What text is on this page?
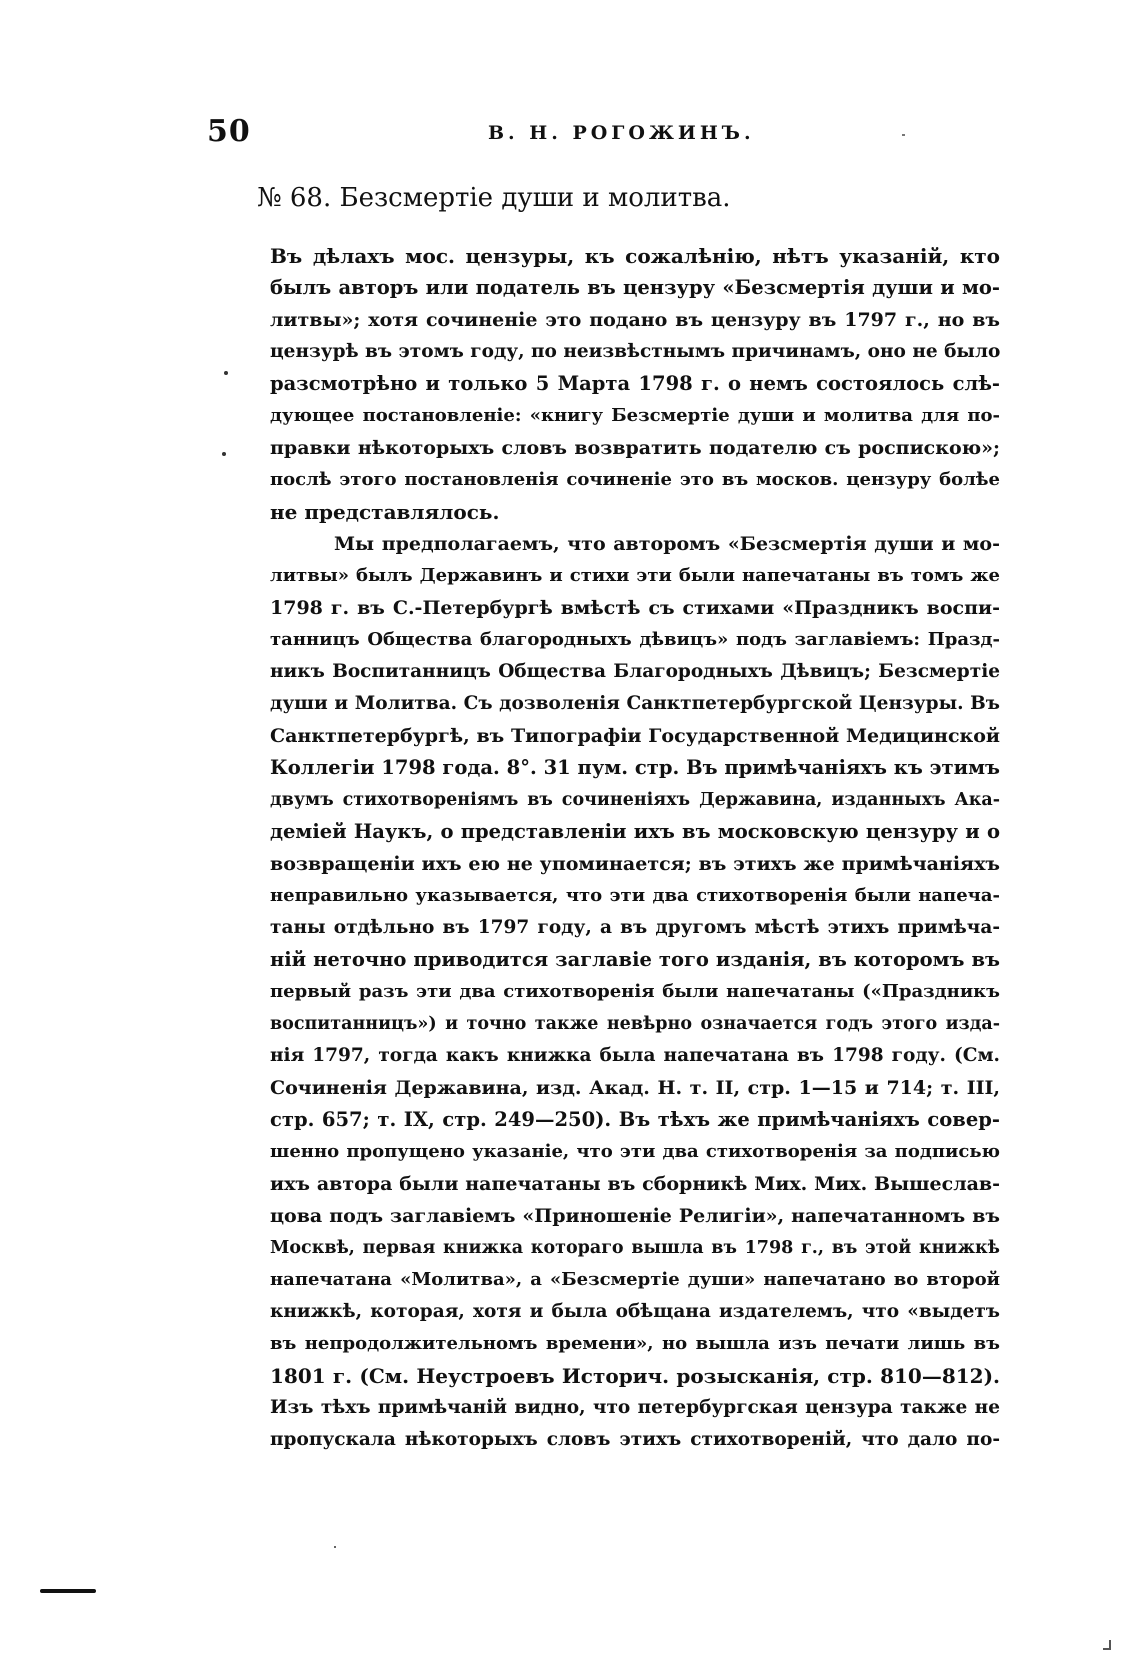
50	В. Н. РОГОЖИНЪ.
№ 68. Безсмертіе души и молитва.
Въ дѣлахъ мос. цензуры, къ сожалѣнію, нѣтъ указаній, кто
былъ авторъ или податель въ цензуру «Безсмертія души и мо-
литвы»; хотя сочиненіе это подано въ цензуру въ 1797 г., но въ
цензурѣ въ этомъ году, по неизвѣстнымъ причинамъ, оно не было
разсмотрѣно и только 5 Марта 1798 г. о немъ состоялось слѣ-
дующее постановленіе: «книгу Безсмертіе души и молитва для по-
правки нѣкоторыхъ словъ возвратить подателю съ роспискою»;
послѣ этого постановленія сочиненіе это въ москов. цензуру болѣе
не представлялось.
Мы предполагаемъ, что авторомъ «Безсмертія души и мо-
литвы» былъ Державинъ и стихи эти были напечатаны въ томъ же
1798 г. въ С.-Петербургѣ вмѣстѣ съ стихами «Праздникъ воспи-
танницъ Общества благородныхъ дѣвицъ» подъ заглавіемъ: Празд-
никъ Воспитанницъ Общества Благородныхъ Дѣвицъ; Безсмертіе
души и Молитва. Съ дозволенія Санктпетербургской Цензуры. Въ
Санктпетербургѣ, въ Типографіи Государственной Медицинской
Коллегіи 1798 года. 8°. 31 пум. стр. Въ примѣчаніяхъ къ этимъ
двумъ стихотвореніямъ въ сочиненіяхъ Державина, изданныхъ Ака-
деміей Наукъ, о представленіи ихъ въ московскую цензуру и о
возвращеніи ихъ ею не упоминается; въ этихъ же примѣчаніяхъ
неправильно указывается, что эти два стихотворенія были напеча-
таны отдѣльно въ 1797 году, а въ другомъ мѣстѣ этихъ примѣча-
ній неточно приводится заглавіе того изданія, въ которомъ въ
первый разъ эти два стихотворенія были напечатаны («Праздникъ
воспитанницъ») и точно также невѣрно означается годъ этого изда-
нія 1797, тогда какъ книжка была напечатана въ 1798 году. (См.
Сочиненія Державина, изд. Акад. Н. т. II, стр. 1—15 и 714; т. III,
стр. 657; т. IX, стр. 249—250). Въ тѣхъ же примѣчаніяхъ совер-
шенно пропущено указаніе, что эти два стихотворенія за подписью
ихъ автора были напечатаны въ сборникѣ Мих. Мих. Вышеслав-
цова подъ заглавіемъ «Приношеніе Религіи», напечатанномъ въ
Москвѣ, первая книжка котораго вышла въ 1798 г., въ этой книжкѣ
напечатана «Молитва», а «Безсмертіе души» напечатано во второй
книжкѣ, которая, хотя и была обѣщана издателемъ, что «выдетъ
въ непродолжительномъ времени», но вышла изъ печати лишь въ
1801 г. (См. Неустроевъ Историч. розысканія, стр. 810—812).
Изъ тѣхъ примѣчаній видно, что петербургская цензура также не
пропускала нѣкоторыхъ словъ этихъ стихотвореній, что дало по-
